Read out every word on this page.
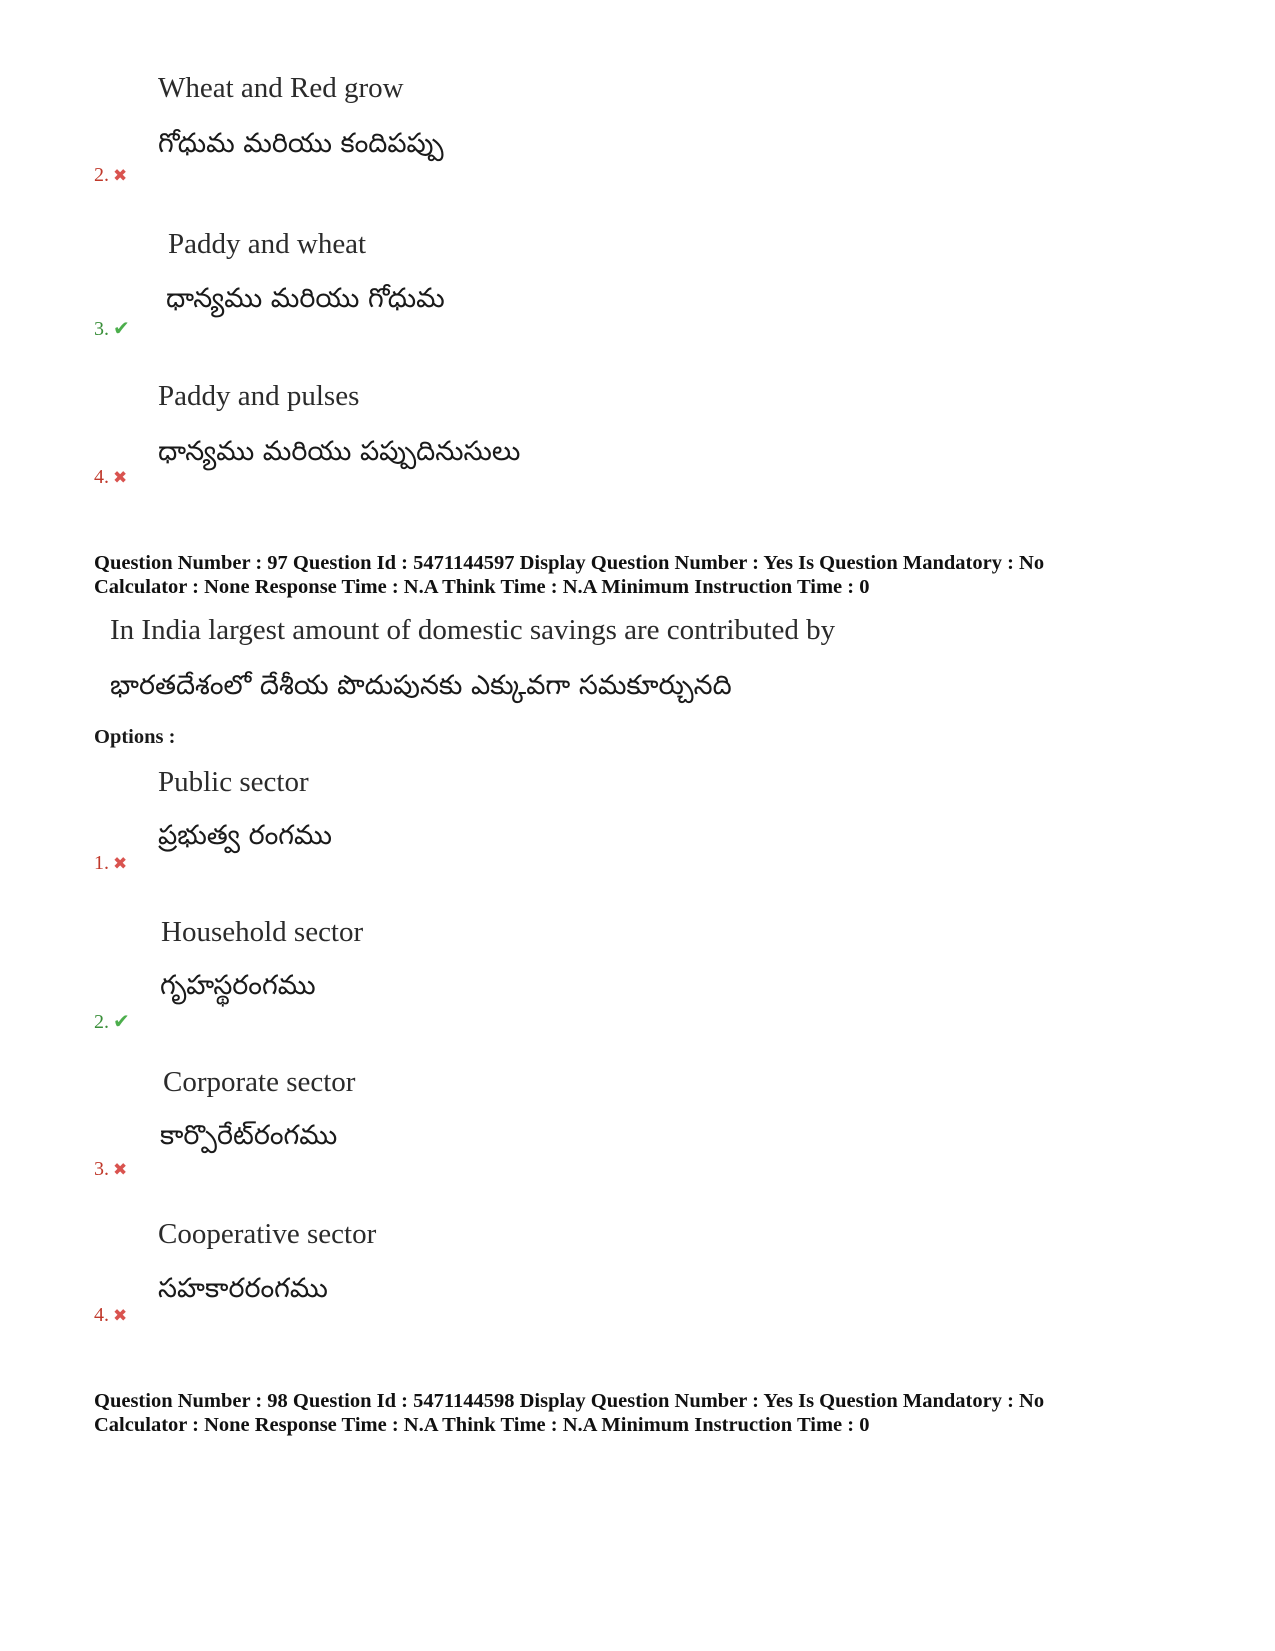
Wheat and Red grow
గోధుమ మరియు కందిపప్పు
2. ✖
Paddy and wheat
ధాన్యము మరియు గోధుమ
3. ✔
Paddy and pulses
ధాన్యము మరియు పప్పుదినుసులు
4. ✖
Question Number : 97 Question Id : 5471144597 Display Question Number : Yes Is Question Mandatory : No
Calculator : None Response Time : N.A Think Time : N.A Minimum Instruction Time : 0
In India largest amount of domestic savings are contributed by
భారతదేశంలో దేశీయ పొదుపునకు ఎక్కువగా సమకూర్చునది
Options :
Public sector
ప్రభుత్వ రంగము
1. ✖
Household sector
గృహస్థరంగము
2. ✔
Corporate sector
కార్పొరేట్‌రంగము
3. ✖
Cooperative sector
సహకారరంగము
4. ✖
Question Number : 98 Question Id : 5471144598 Display Question Number : Yes Is Question Mandatory : No
Calculator : None Response Time : N.A Think Time : N.A Minimum Instruction Time : 0
